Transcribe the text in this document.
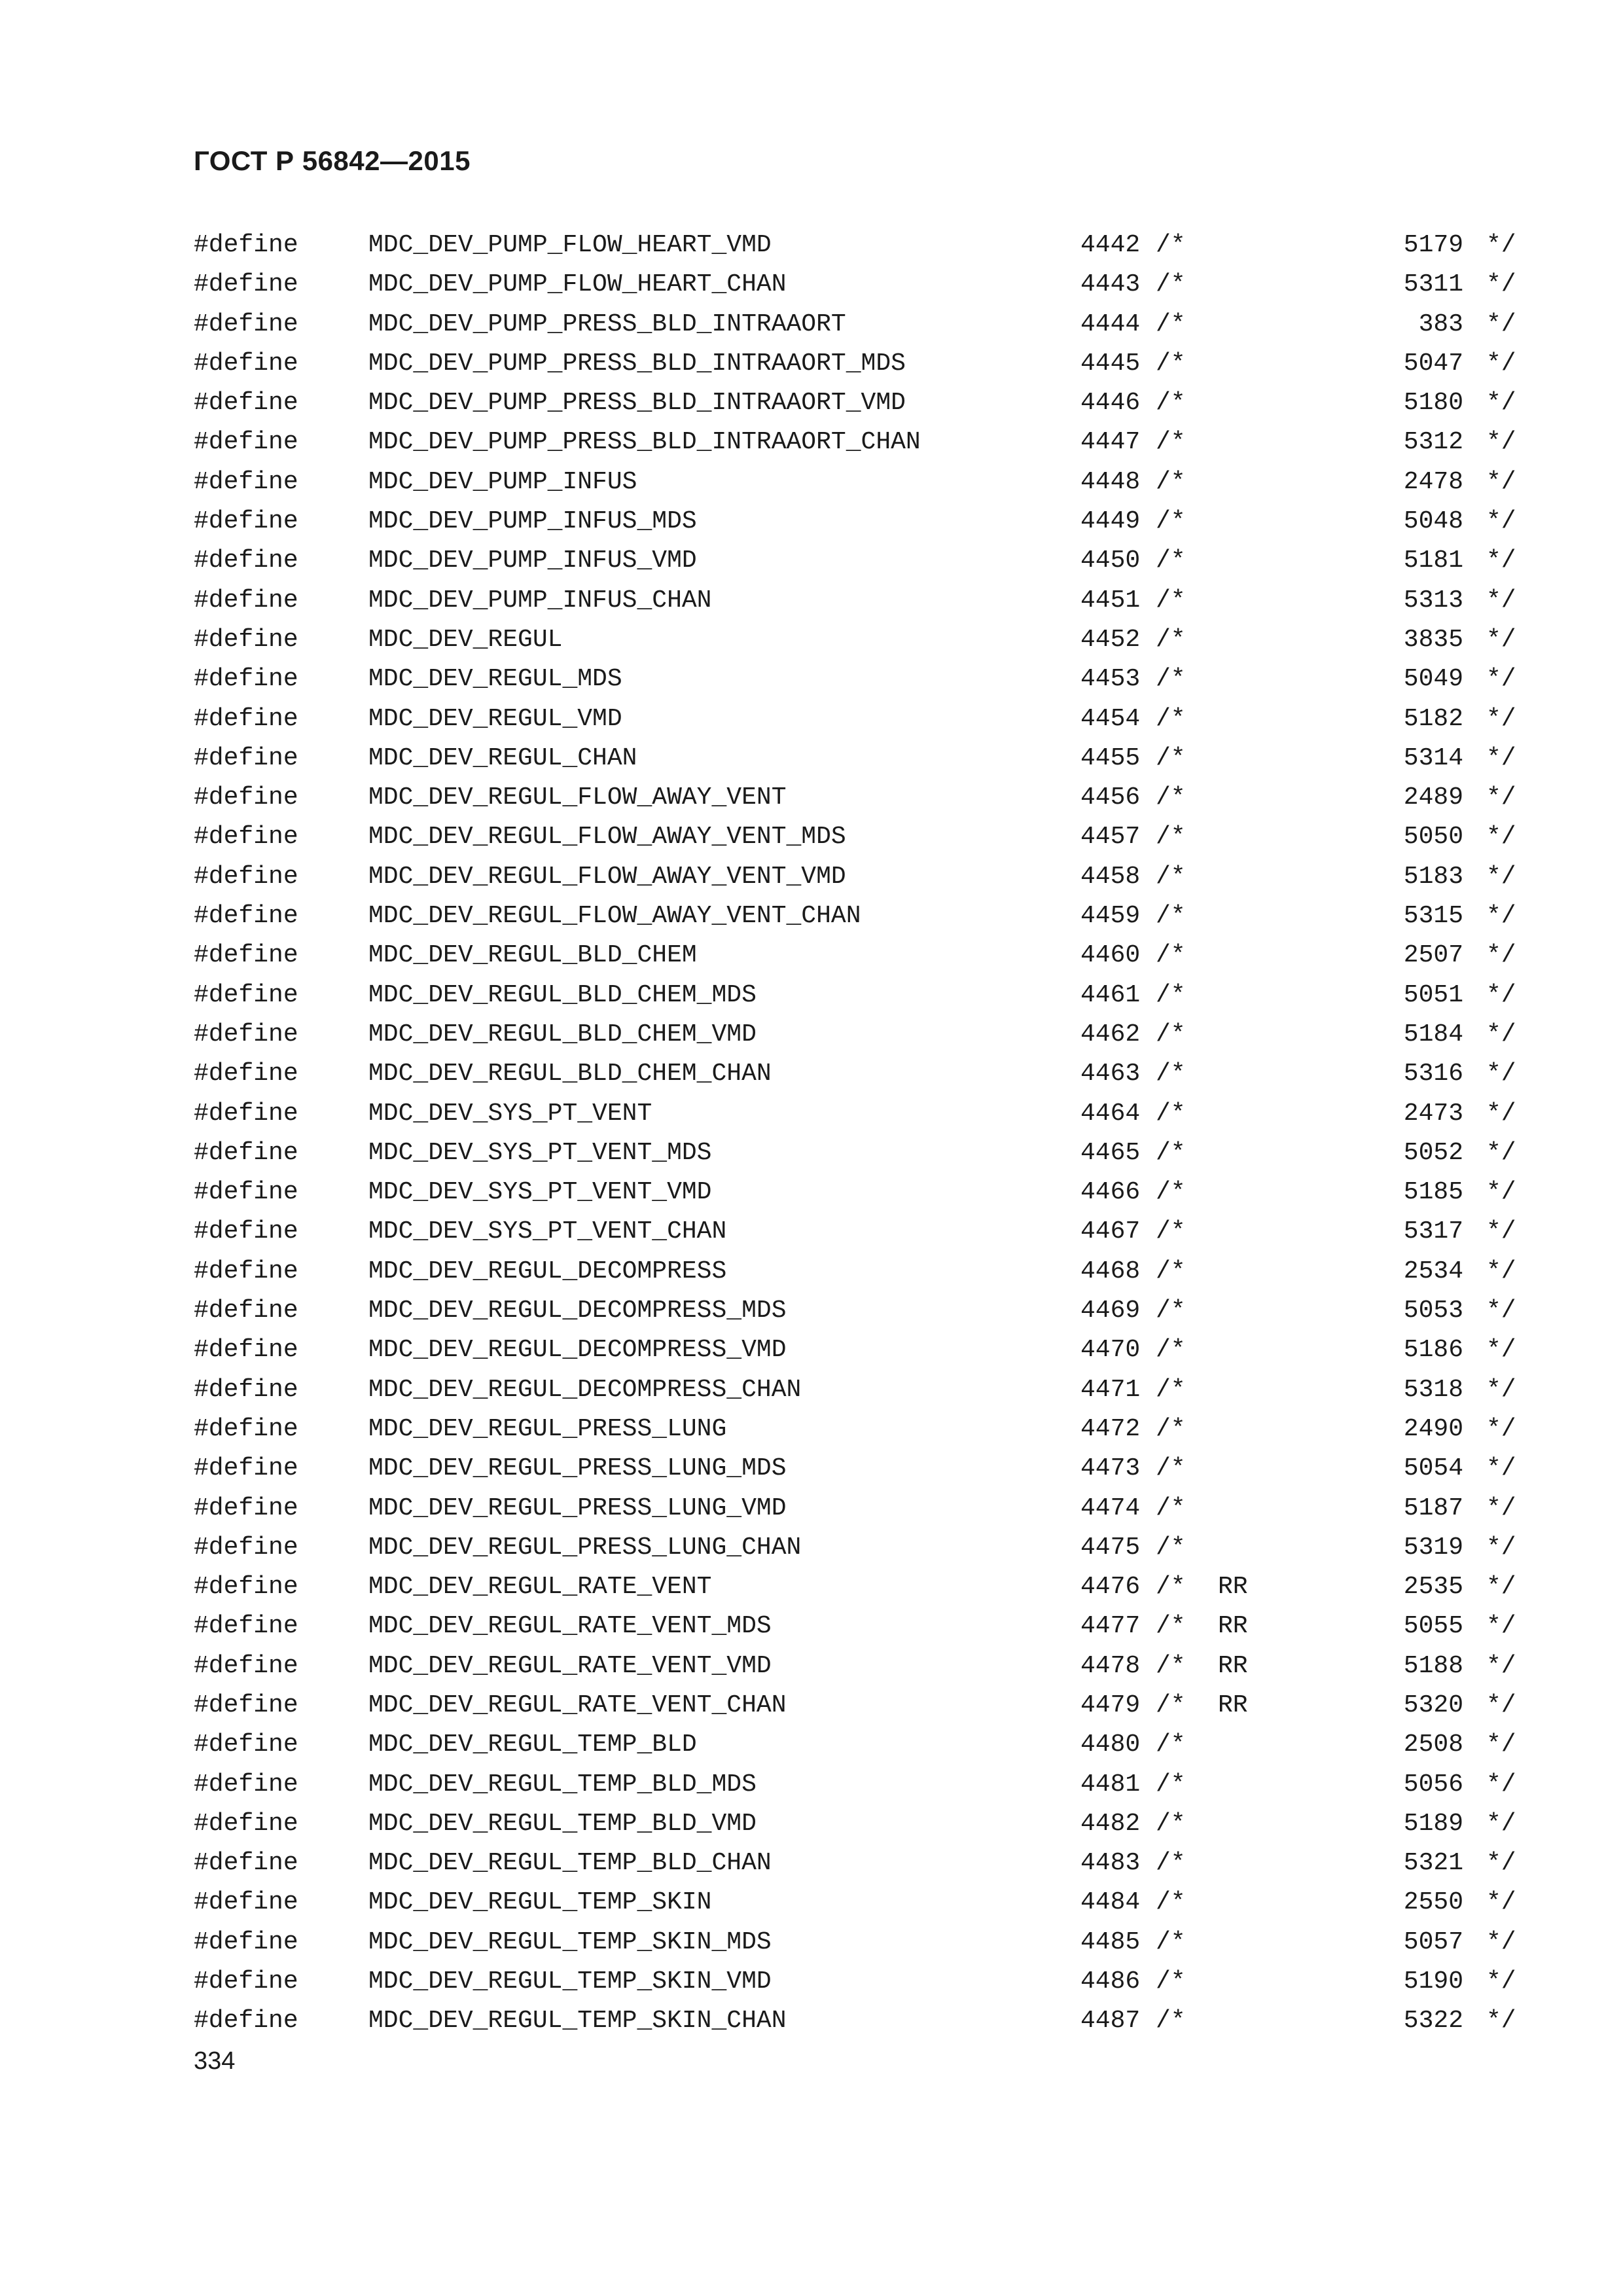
ГОСТ Р 56842—2015
#define	MDC_DEV_PUMP_FLOW_HEART_VMD	4442 /*	5179 */
#define	MDC_DEV_PUMP_FLOW_HEART_CHAN	4443 /*	5311 */
#define	MDC_DEV_PUMP_PRESS_BLD_INTRAAORT	4444 /*	383 */
#define	MDC_DEV_PUMP_PRESS_BLD_INTRAAORT_MDS	4445 /*	5047 */
#define	MDC_DEV_PUMP_PRESS_BLD_INTRAAORT_VMD	4446 /*	5180 */
#define	MDC_DEV_PUMP_PRESS_BLD_INTRAAORT_CHAN	4447 /*	5312 */
#define	MDC_DEV_PUMP_INFUS	4448 /*	2478 */
#define	MDC_DEV_PUMP_INFUS_MDS	4449 /*	5048 */
#define	MDC_DEV_PUMP_INFUS_VMD	4450 /*	5181 */
#define	MDC_DEV_PUMP_INFUS_CHAN	4451 /*	5313 */
#define	MDC_DEV_REGUL	4452 /*	3835 */
#define	MDC_DEV_REGUL_MDS	4453 /*	5049 */
#define	MDC_DEV_REGUL_VMD	4454 /*	5182 */
#define	MDC_DEV_REGUL_CHAN	4455 /*	5314 */
#define	MDC_DEV_REGUL_FLOW_AWAY_VENT	4456 /*	2489 */
#define	MDC_DEV_REGUL_FLOW_AWAY_VENT_MDS	4457 /*	5050 */
#define	MDC_DEV_REGUL_FLOW_AWAY_VENT_VMD	4458 /*	5183 */
#define	MDC_DEV_REGUL_FLOW_AWAY_VENT_CHAN	4459 /*	5315 */
#define	MDC_DEV_REGUL_BLD_CHEM	4460 /*	2507 */
#define	MDC_DEV_REGUL_BLD_CHEM_MDS	4461 /*	5051 */
#define	MDC_DEV_REGUL_BLD_CHEM_VMD	4462 /*	5184 */
#define	MDC_DEV_REGUL_BLD_CHEM_CHAN	4463 /*	5316 */
#define	MDC_DEV_SYS_PT_VENT	4464 /*	2473 */
#define	MDC_DEV_SYS_PT_VENT_MDS	4465 /*	5052 */
#define	MDC_DEV_SYS_PT_VENT_VMD	4466 /*	5185 */
#define	MDC_DEV_SYS_PT_VENT_CHAN	4467 /*	5317 */
#define	MDC_DEV_REGUL_DECOMPRESS	4468 /*	2534 */
#define	MDC_DEV_REGUL_DECOMPRESS_MDS	4469 /*	5053 */
#define	MDC_DEV_REGUL_DECOMPRESS_VMD	4470 /*	5186 */
#define	MDC_DEV_REGUL_DECOMPRESS_CHAN	4471 /*	5318 */
#define	MDC_DEV_REGUL_PRESS_LUNG	4472 /*	2490 */
#define	MDC_DEV_REGUL_PRESS_LUNG_MDS	4473 /*	5054 */
#define	MDC_DEV_REGUL_PRESS_LUNG_VMD	4474 /*	5187 */
#define	MDC_DEV_REGUL_PRESS_LUNG_CHAN	4475 /*	5319 */
#define	MDC_DEV_REGUL_RATE_VENT	4476 /* RR	2535 */
#define	MDC_DEV_REGUL_RATE_VENT_MDS	4477 /* RR	5055 */
#define	MDC_DEV_REGUL_RATE_VENT_VMD	4478 /* RR	5188 */
#define	MDC_DEV_REGUL_RATE_VENT_CHAN	4479 /* RR	5320 */
#define	MDC_DEV_REGUL_TEMP_BLD	4480 /*	2508 */
#define	MDC_DEV_REGUL_TEMP_BLD_MDS	4481 /*	5056 */
#define	MDC_DEV_REGUL_TEMP_BLD_VMD	4482 /*	5189 */
#define	MDC_DEV_REGUL_TEMP_BLD_CHAN	4483 /*	5321 */
#define	MDC_DEV_REGUL_TEMP_SKIN	4484 /*	2550 */
#define	MDC_DEV_REGUL_TEMP_SKIN_MDS	4485 /*	5057 */
#define	MDC_DEV_REGUL_TEMP_SKIN_VMD	4486 /*	5190 */
#define	MDC_DEV_REGUL_TEMP_SKIN_CHAN	4487 /*	5322 */
334
